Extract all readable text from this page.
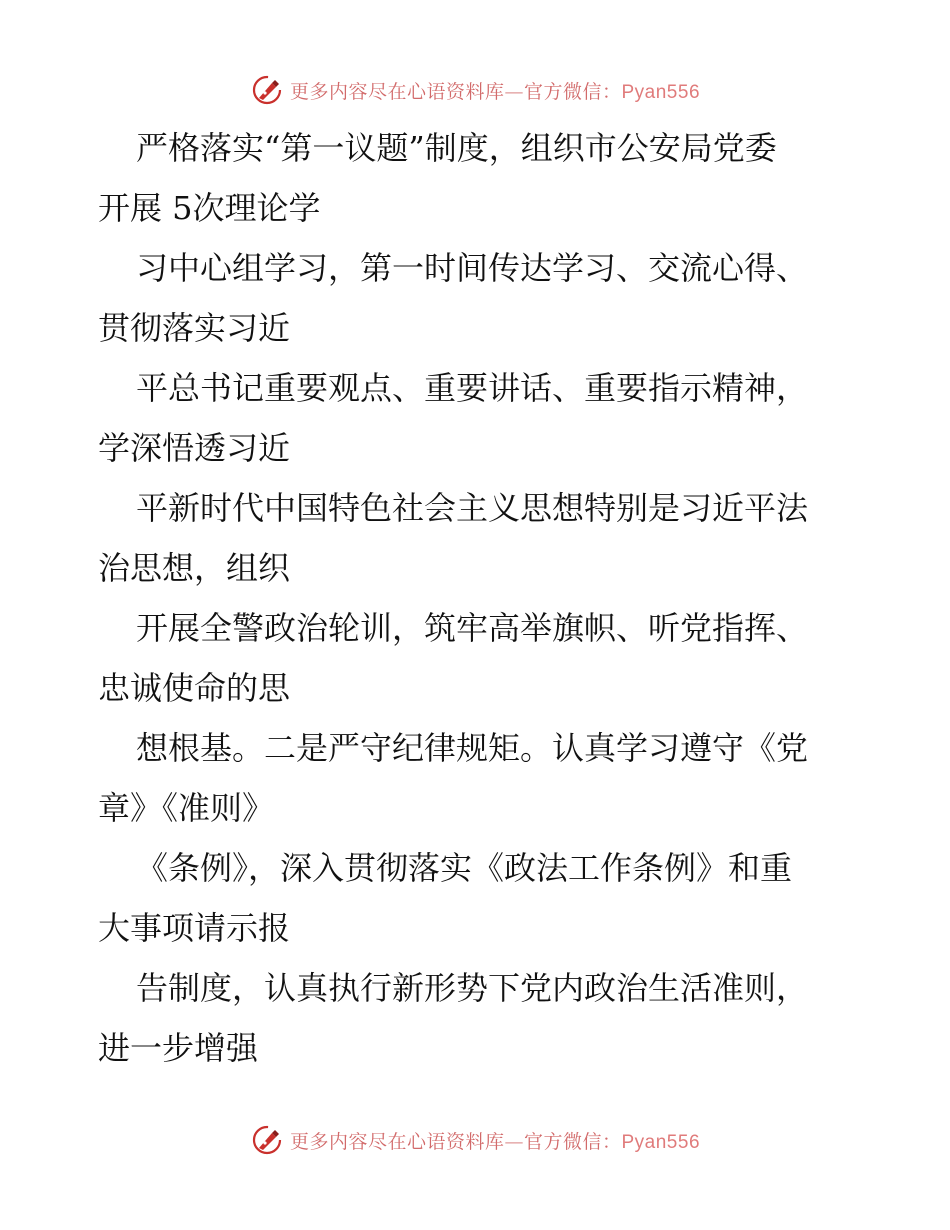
更多内容尽在心语资料库—官方微信：Pyan556

严格落实“第一议题”制度，组织市公安局党委

开展 5次理论学

习中心组学习，第一时间传达学习、交流心得、

贯彻落实习近

平总书记重要观点、重要讲话、重要指示精神，

学深悟透习近

平新时代中国特色社会主义思想特别是习近平法

治思想，组织

开展全警政治轮训，筑牢高举旗帜、听党指挥、

忠诚使命的思

想根基。二是严守纪律规矩。认真学习遵守《党

章》《准则》

《条例》，深入贯彻落实《政法工作条例》和重

大事项请示报

告制度，认真执行新形势下党内政治生活准则，

进一步增强

更多内容尽在心语资料库—官方微信：Pyan556
